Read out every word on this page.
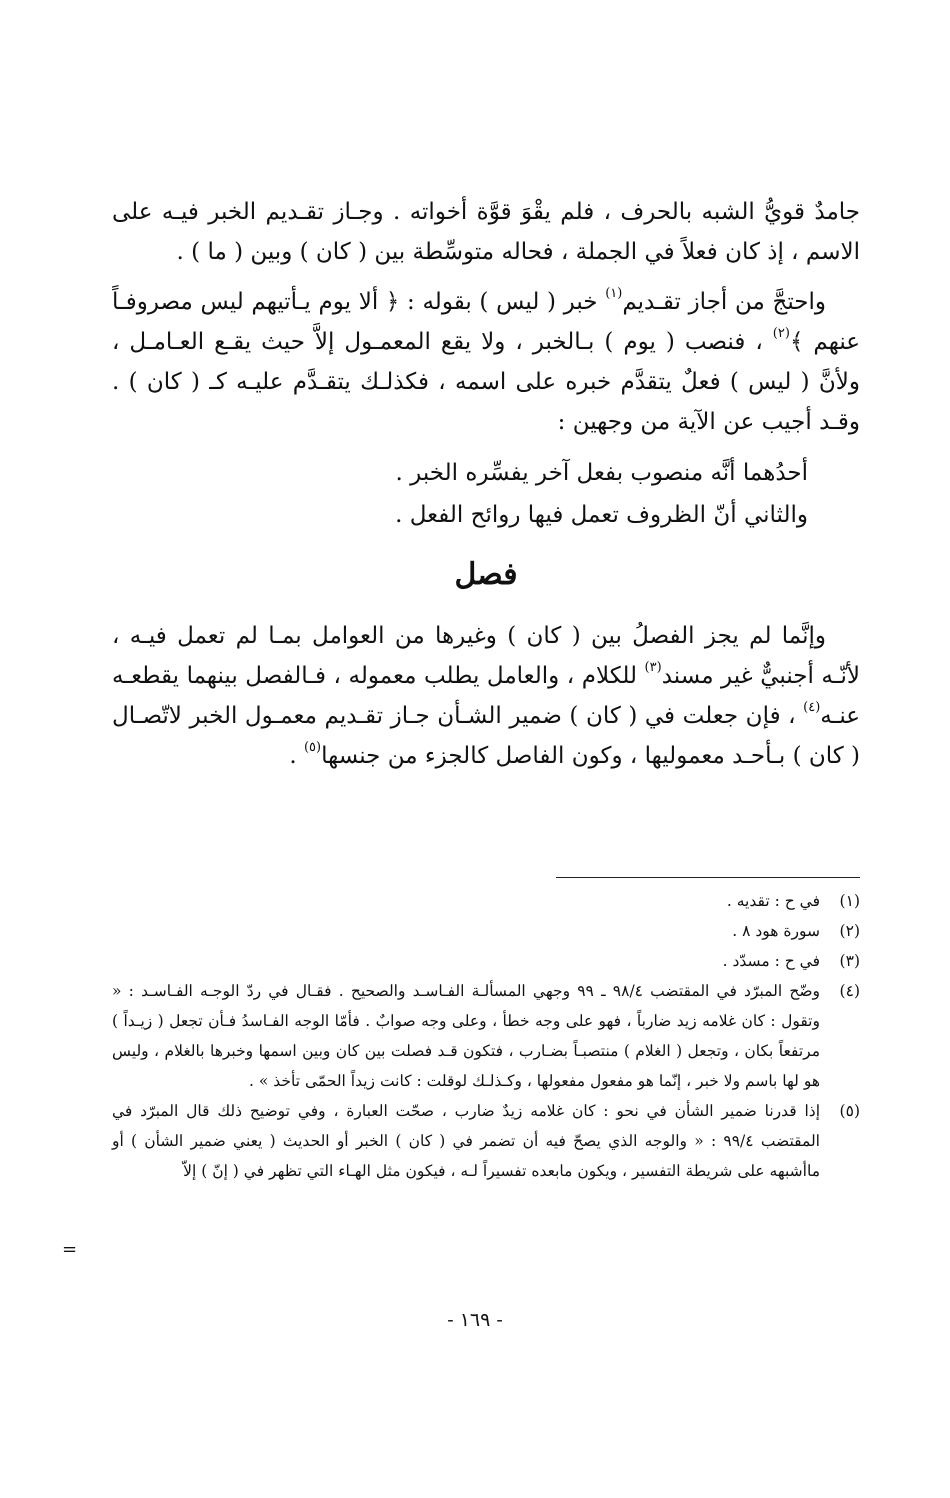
جامدٌ قويُّ الشبه بالحرف ، فلم يقْوَ قوَّة أخواته . وجـاز تقـديم الخبر فيـه على الاسم ، إذ كان فعلاً في الجملة ، فحاله متوسِّطة بين ( كان ) وبين ( ما ) .

واحتجَّ من أجاز تقـديم$^{(١)}$ خبر ( ليس ) بقوله : ﴿ ألا يوم يـأتيهم ليس مصروفـاً عنهم ﴾$^{(٢)}$ ، فنصب ( يوم ) بـالخبر ، ولا يقع المعمـول إلاَّ حيث يقـع العـامـل ، ولأنَّ ( ليس ) فعلٌ يتقدَّم خبره على اسمه ، فكذلـك يتقـدَّم عليـه كـ ( كان ) . وقـد أجيب عن الآية من وجهين :

أحدُهما أنَّه منصوب بفعل آخر يفسِّره الخبر .
والثاني أنّ الظروف تعمل فيها روائح الفعل .
فصل

وإنَّما لم يجز الفصلُ بين ( كان ) وغيرها من العوامل بمـا لم تعمل فيـه ، لأنّـه أجنبيٌّ غير مسند$^{(٣)}$ للكلام ، والعامل يطلب معموله ، فـالفصل بينهما يقطعـه عنـه$^{(٤)}$ ، فإن جعلت في ( كان ) ضمير الشـأن جـاز تقـديم معمـول الخبر لاتّصـال ( كان ) بـأحـد معموليها ، وكون الفاصل كالجزء من جنسها$^{(٥)}$ .

(١)
في ح : تقديه .
(٢)
سورة هود ٨ .
(٣)
في ح : مسدّد .
(٤)
وضّح المبرّد في المقتضب ٩٨/٤ ـ ٩٩ وجهي المسألـة الفـاسـد والصحيح . فقـال في ردّ الوجـه الفـاسـد : « وتقول : كان غلامه زيد ضارباً ، فهو على وجه خطأ ، وعلى وجه صوابٌ . فأمّا الوجه الفـاسدُ فـأن تجعل ( زيـداً ) مرتفعاً بكان ، وتجعل ( الغلام ) منتصبـاً بضـارب ، فتكون قـد فصلت بين كان وبين اسمها وخبرها بالغلام ، وليس هو لها باسم ولا خبر ، إنّما هو مفعول مفعولها ، وكـذلـك لوقلت : كانت زيداً الحمّى تأخذ » .
(٥)
إذا قدرنا ضمير الشأن في نحو : كان غلامه زيدٌ ضارب ، صحّت العبارة ، وفي توضيح ذلك قال المبرّد في المقتضب ٩٩/٤ : « والوجه الذي يصحّ فيه أن تضمر في ( كان ) الخبر أو الحديث ( يعني ضمير الشأن ) أو ماأشبهه على شريطة التفسير ، ويكون مابعده تفسيراً لـه ، فيكون مثل الهـاء التي تظهر في ( إنّ ) إلاّ
=
- ١٦٩ -
